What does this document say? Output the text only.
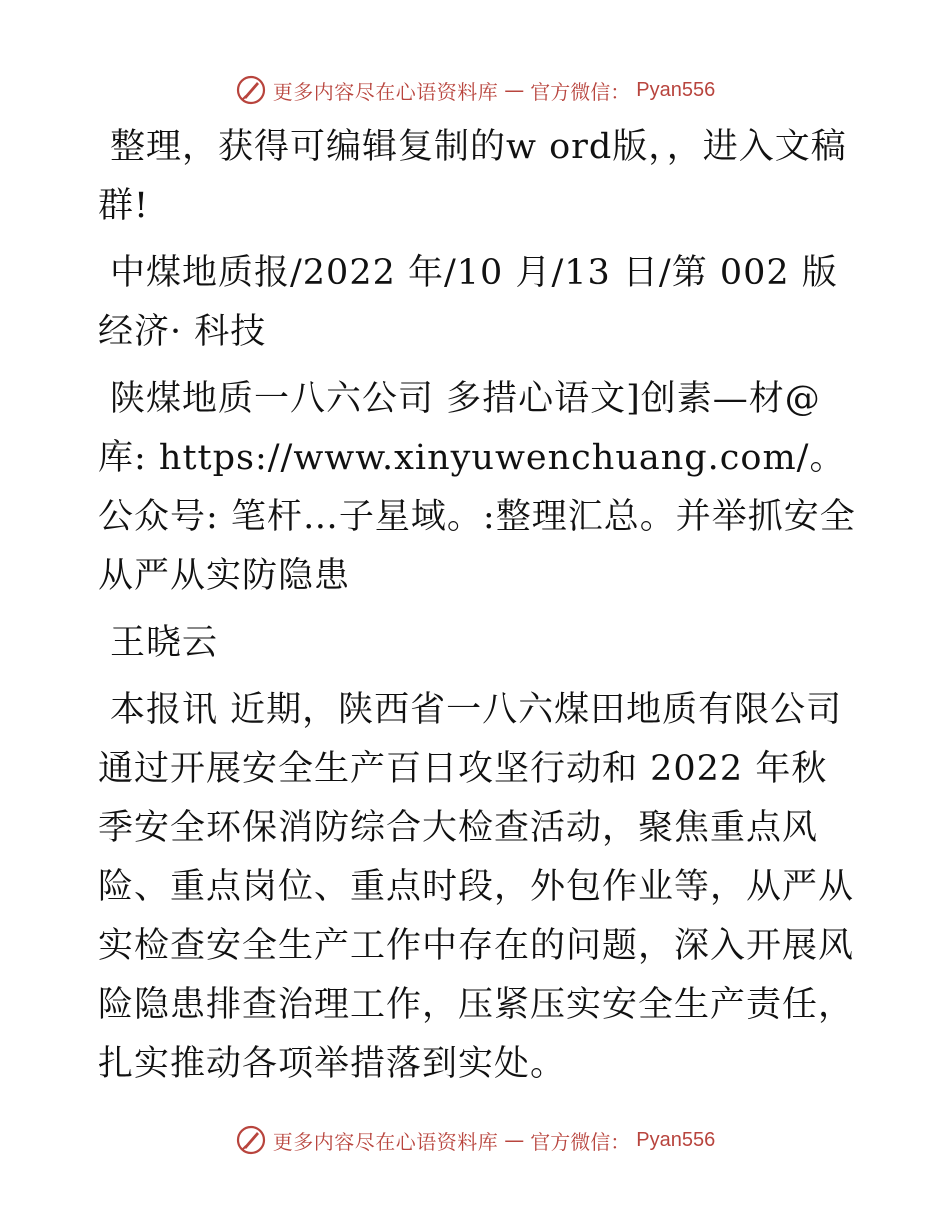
更多内容尽在心语资料库 — 官方微信： Pyan556

整理，获得可编辑复制的w ord版，，进入文稿群!

中煤地质报/2022 年/10 月/13 日/第 002 版经济· 科技

陕煤地质一八六公司 多措心语文]创素—材@库: https://www.xinyuwenchuang.com/。公众号: 笔杆…子星域。:整理汇总。并举抓安全 从严从实防隐患

王晓云

本报讯 近期，陕西省一八六煤田地质有限公司通过开展安全生产百日攻坚行动和 2022 年秋季安全环保消防综合大检查活动，聚焦重点风险、重点岗位、重点时段，外包作业等，从严从实检查安全生产工作中存在的问题，深入开展风险隐患排查治理工作，压紧压实安全生产责任，扎实推动各项举措落到实处。

更多内容尽在心语资料库 — 官方微信： Pyan556
